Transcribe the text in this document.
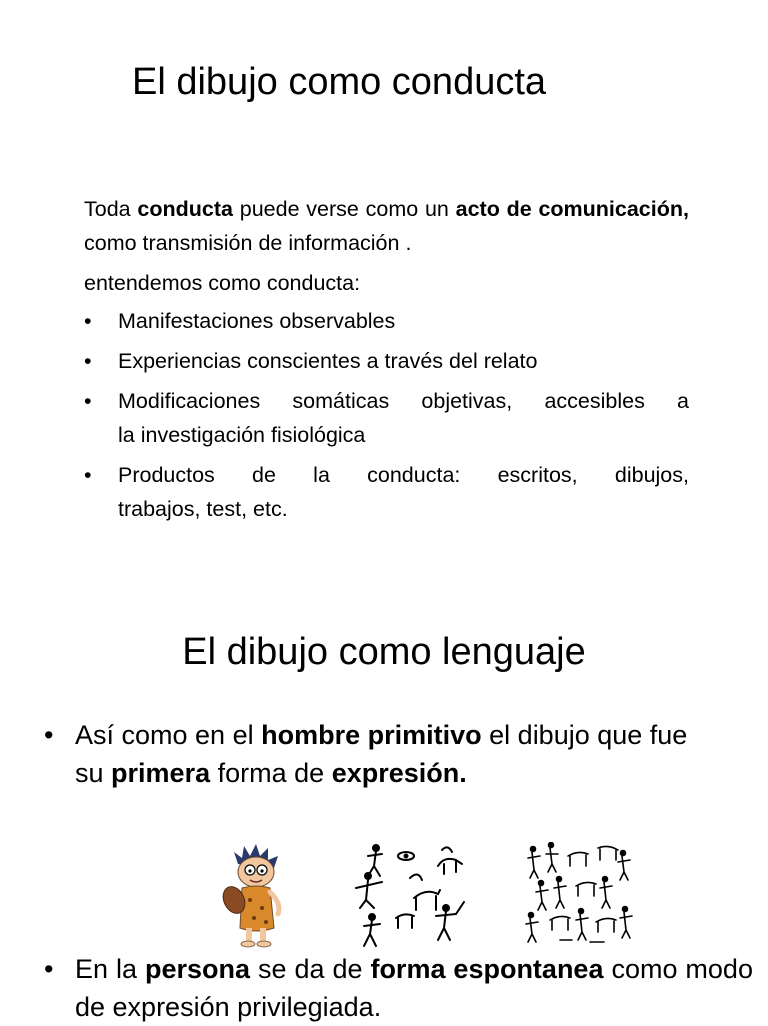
El dibujo como conducta
Toda conducta puede verse como un acto de comunicación, como transmisión de información .
entendemos como conducta:
•	Manifestaciones observables
•	Experiencias conscientes a través del relato
•	Modificaciones somáticas objetivas, accesibles a
la investigación fisiológica
•	Productos de la conducta: escritos, dibujos,
trabajos, test, etc.
El dibujo como lenguaje
• Así como en el hombre primitivo el dibujo que fue su primera forma de expresión.
• En la persona se da de forma espontanea como modo de expresión privilegiada.
